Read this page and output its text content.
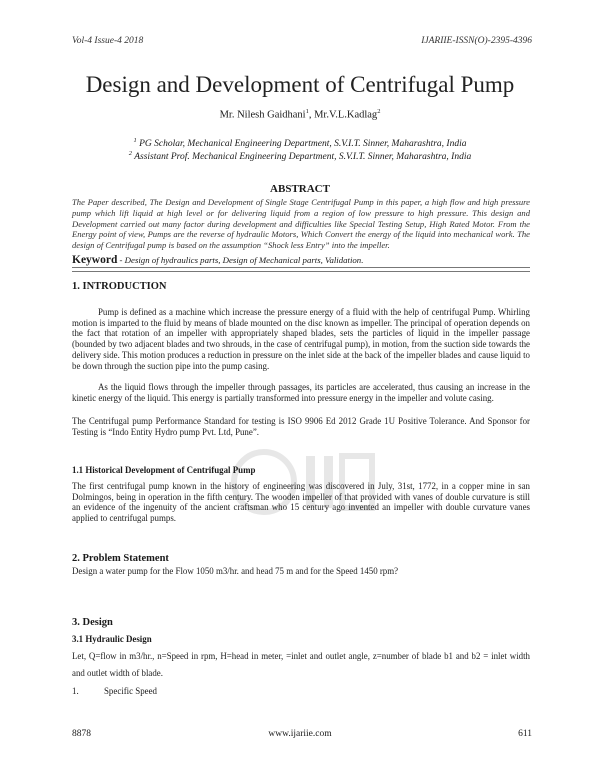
Vol-4 Issue-4 2018	IJARIIE-ISSN(O)-2395-4396
Design and Development of Centrifugal Pump
Mr. Nilesh Gaidhani$^1$, Mr.V.L.Kadlag$^2$
$^1$ PG Scholar, Mechanical Engineering Department, S.V.I.T. Sinner, Maharashtra, India
$^2$ Assistant Prof. Mechanical Engineering Department, S.V.I.T. Sinner, Maharashtra, India
ABSTRACT
The Paper described, The Design and Development of Single Stage Centrifugal Pump in this paper, a high flow and high pressure pump which lift liquid at high level or for delivering liquid from a region of low pressure to high pressure. This design and Development carried out many factor during development and difficulties like Special Testing Setup, High Rated Motor. From the Energy point of view, Pumps are the reverse of hydraulic Motors, Which Convert the energy of the liquid into mechanical work. The design of Centrifugal pump is based on the assumption “Shock less Entry” into the impeller.
Keyword - Design of hydraulics parts, Design of Mechanical parts, Validation.
1. INTRODUCTION
Pump is defined as a machine which increase the pressure energy of a fluid with the help of centrifugal Pump. Whirling motion is imparted to the fluid by means of blade mounted on the disc known as impeller. The principal of operation depends on the fact that rotation of an impeller with appropriately shaped blades, sets the particles of liquid in the impeller passage (bounded by two adjacent blades and two shrouds, in the case of centrifugal pump), in motion, from the suction side towards the delivery side. This motion produces a reduction in pressure on the inlet side at the back of the impeller blades and cause liquid to be down through the suction pipe into the pump casing.
As the liquid flows through the impeller through passages, its particles are accelerated, thus causing an increase in the kinetic energy of the liquid. This energy is partially transformed into pressure energy in the impeller and volute casing.
The Centrifugal pump Performance Standard for testing is ISO 9906 Ed 2012 Grade 1U Positive Tolerance. And Sponsor for Testing is “Indo Entity Hydro pump Pvt. Ltd, Pune”.
1.1 Historical Development of Centrifugal Pump
The first centrifugal pump known in the history of engineering was discovered in July, 31st, 1772, in a copper mine in san Dolmingos, being in operation in the fifth century. The wooden impeller of that provided with vanes of double curvature is still an evidence of the ingenuity of the ancient craftsman who 15 century ago invented an impeller with double curvature vanes applied to centrifugal pumps.
2. Problem Statement
Design a water pump for the Flow 1050 m3/hr. and head 75 m and for the Speed 1450 rpm?
3. Design
3.1 Hydraulic Design
Let, Q=flow in m3/hr., n=Speed in rpm, H=head in meter, =inlet and outlet angle, z=number of blade b1 and b2 = inlet width and outlet width of blade.
1.	Specific Speed
8878	www.ijariie.com	611
